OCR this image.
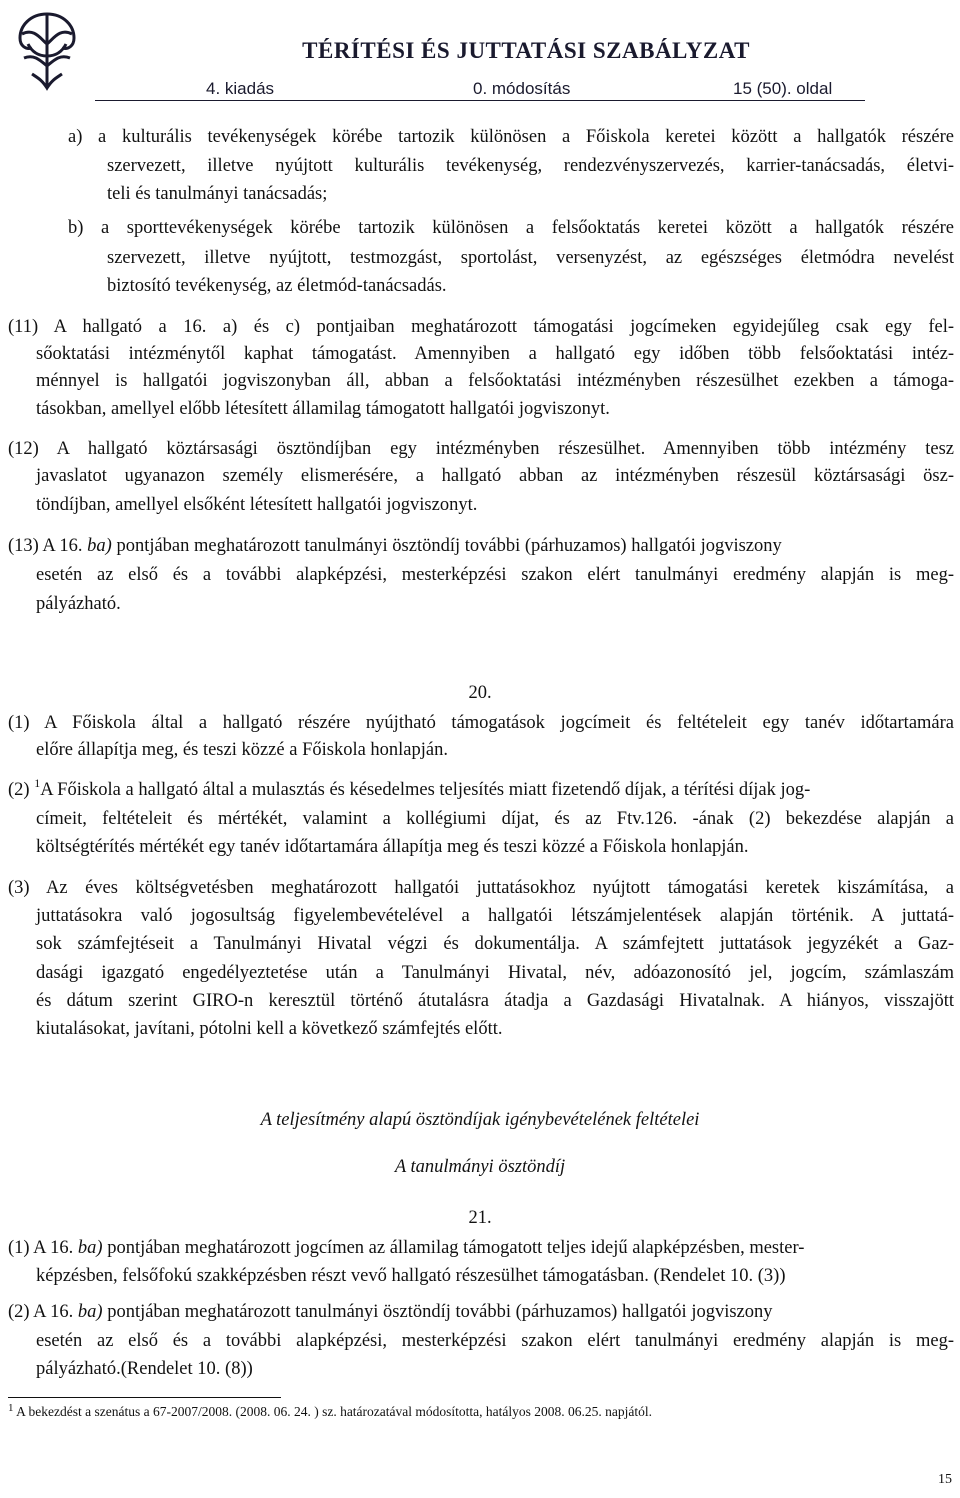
TÉRÍTÉSI ÉS JUTTATÁSI SZABÁLYZAT
4. kiadás	0. módosítás	15 (50). oldal
a) a kulturális tevékenységek körébe tartozik különösen a Főiskola keretei között a hallgatók részére
szervezett, illetve nyújtott kulturális tevékenység, rendezvényszervezés, karrier-tanácsadás, életvi-
teli és tanulmányi tanácsadás;
b) a sporttevékenységek körébe tartozik különösen a felsőoktatás keretei között a hallgatók részére
szervezett, illetve nyújtott, testmozgást, sportolást, versenyzést, az egészséges életmódra nevelést
biztosító tevékenység, az életmód-tanácsadás.
(11) A hallgató a 16. a) és c) pontjaiban meghatározott támogatási jogcímeken egyidejűleg csak egy fel-
sőoktatási intézménytől kaphat támogatást. Amennyiben a hallgató egy időben több felsőoktatási intéz-
ménnyel is hallgatói jogviszonyban áll, abban a felsőoktatási intézményben részesülhet ezekben a támoga-
tásokban, amellyel előbb létesített államilag támogatott hallgatói jogviszonyt.
(12) A hallgató köztársasági ösztöndíjban egy intézményben részesülhet. Amennyiben több intézmény tesz
javaslatot ugyanazon személy elismerésére, a hallgató abban az intézményben részesül köztársasági ösz-
töndíjban, amellyel elsőként létesített hallgatói jogviszonyt.
(13) A 16. ba) pontjában meghatározott tanulmányi ösztöndíj további (párhuzamos) hallgatói jogviszony
esetén az első és a további alapképzési, mesterképzési szakon elért tanulmányi eredmény alapján is meg-
pályázható.
20.
(1) A Főiskola által a hallgató részére nyújtható támogatások jogcímeit és feltételeit egy tanév időtartamára
előre állapítja meg, és teszi közzé a Főiskola honlapján.
(2) $^1$A Főiskola a hallgató által a mulasztás és késedelmes teljesítés miatt fizetendő díjak, a térítési díjak jog-
címeit, feltételeit és mértékét, valamint a kollégiumi díjat, és az Ftv.126. -ának (2) bekezdése alapján a
költségtérítés mértékét egy tanév időtartamára állapítja meg és teszi közzé a Főiskola honlapján.
(3) Az éves költségvetésben meghatározott hallgatói juttatásokhoz nyújtott támogatási keretek kiszámítása, a
juttatásokra való jogosultság figyelembevételével a hallgatói létszámjelentések alapján történik. A juttatá-
sok számfejtéseit a Tanulmányi Hivatal végzi és dokumentálja. A számfejtett juttatások jegyzékét a Gaz-
dasági igazgató engedélyeztetése után a Tanulmányi Hivatal, név, adóazonosító jel, jogcím, számlaszám
és dátum szerint GIRO-n keresztül történő átutalásra átadja a Gazdasági Hivatalnak. A hiányos, visszajött
kiutalásokat, javítani, pótolni kell a következő számfejtés előtt.
A teljesítmény alapú ösztöndíjak igénybevételének feltételei
A tanulmányi ösztöndíj
21.
(1) A 16. ba) pontjában meghatározott jogcímen az államilag támogatott teljes idejű alapképzésben, mester-
képzésben, felsőfokú szakképzésben részt vevő hallgató részesülhet támogatásban. (Rendelet 10. (3))
(2) A 16. ba) pontjában meghatározott tanulmányi ösztöndíj további (párhuzamos) hallgatói jogviszony
esetén az első és a további alapképzési, mesterképzési szakon elért tanulmányi eredmény alapján is meg-
pályázható.(Rendelet 10. (8))
$^1$ A bekezdést a szenátus a 67-2007/2008. (2008. 06. 24. ) sz. határozatával módosította, hatályos 2008. 06.25. napjától.
15
